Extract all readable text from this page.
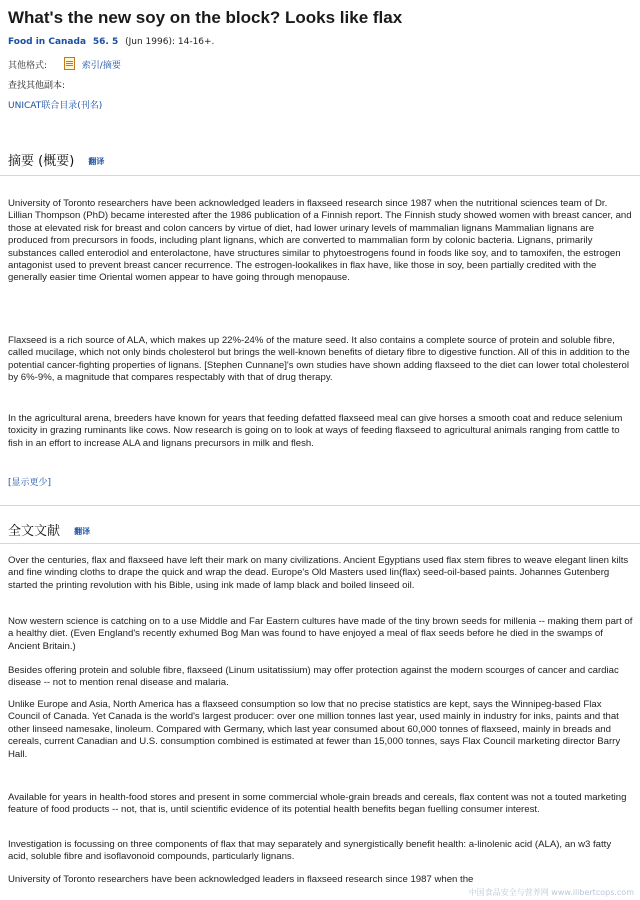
What's the new soy on the block? Looks like flax
Food in Canada 56. 5 (Jun 1996): 14-16+.
其他格式:	索引/摘要
查找其他副本:
UNICAT联合目录(刊名)
摘要 (概要) 翻译

University of Toronto researchers have been acknowledged leaders in flaxseed research since 1987 when the nutritional sciences team of Dr. Lillian Thompson (PhD) became interested after the 1986 publication of a Finnish report. The Finnish study showed women with breast cancer, and those at elevated risk for breast and colon cancers by virtue of diet, had lower urinary levels of mammalian lignans Mammalian lignans are produced from precursors in foods, including plant lignans, which are converted to mammalian form by colonic bacteria. Lignans, primarily substances called enterodiol and enterolactone, have structures similar to phytoestrogens found in foods like soy, and to tamoxifen, the estrogen antagonist used to prevent breast cancer recurrence. The estrogen-lookalikes in flax have, like those in soy, been partially credited with the generally easier time Oriental women appear to have going through menopause.

Flaxseed is a rich source of ALA, which makes up 22%-24% of the mature seed. It also contains a complete source of protein and soluble fibre, called mucilage, which not only binds cholesterol but brings the well-known benefits of dietary fibre to digestive function. All of this in addition to the potential cancer-fighting properties of lignans. [Stephen Cunnane]'s own studies have shown adding flaxseed to the diet can lower total cholesterol by 6%-9%, a magnitude that compares respectably with that of drug therapy.

In the agricultural arena, breeders have known for years that feeding defatted flaxseed meal can give horses a smooth coat and reduce selenium toxicity in grazing ruminants like cows. Now research is going on to look at ways of feeding flaxseed to agricultural animals ranging from cattle to fish in an effort to increase ALA and lignans precursors in milk and flesh.

[显示更少]
全文文献 翻译

Over the centuries, flax and flaxseed have left their mark on many civilizations. Ancient Egyptians used flax stem fibres to weave elegant linen kilts and fine winding cloths to drape the quick and wrap the dead. Europe's Old Masters used lin(flax) seed-oil-based paints. Johannes Gutenberg started the printing revolution with his Bible, using ink made of lamp black and boiled linseed oil.

Now western science is catching on to a use Middle and Far Eastern cultures have made of the tiny brown seeds for millenia -- making them part of a healthy diet. (Even England's recently exhumed Bog Man was found to have enjoyed a meal of flax seeds before he died in the swamps of Ancient Britain.)

Besides offering protein and soluble fibre, flaxseed (Linum usitatissium) may offer protection against the modern scourges of cancer and cardiac disease -- not to mention renal disease and malaria.

Unlike Europe and Asia, North America has a flaxseed consumption so low that no precise statistics are kept, says the Winnipeg-based Flax Council of Canada. Yet Canada is the world's largest producer: over one million tonnes last year, used mainly in industry for inks, paints and that other linseed namesake, linoleum. Compared with Germany, which last year consumed about 60,000 tonnes of flaxseed, mainly in breads and cereals, current Canadian and U.S. consumption combined is estimated at fewer than 15,000 tonnes, says Flax Council marketing director Barry Hall.

Available for years in health-food stores and present in some commercial whole-grain breads and cereals, flax content was not a touted marketing feature of food products -- not, that is, until scientific evidence of its potential health benefits began fuelling consumer interest.

Investigation is focussing on three components of flax that may separately and synergistically benefit health: a-linolenic acid (ALA), an w3 fatty acid, soluble fibre and isoflavonoid compounds, particularly lignans.

University of Toronto researchers have been acknowledged leaders in flaxseed research since 1987 when the

中国食品安全与营养网 www.ilibertcops.com
